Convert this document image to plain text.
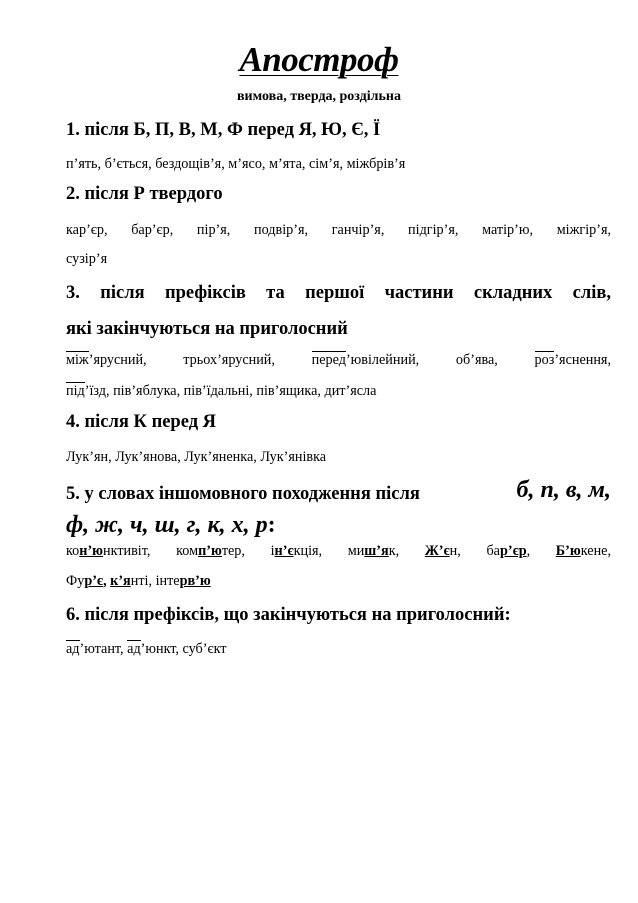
Апостроф
вимова, тверда, роздільна
1. після Б, П, В, М, Ф перед Я, Ю, Є, Ї
п’ять, б’ється, бездощів’я, м’ясо, м’ята, сім’я, міжбрів’я
2. після Р твердого
кар’єр, бар’єр, пір’я, подвір’я, ганчір’я, підгір’я, матір’ю, міжгір’я,
сузір’я
3. після префіксів та першої частини складних слів,
які закінчуються на приголосний
між’ярусний,	трьох’ярусний,	перед’ювілейний,	об’ява,	роз’яснення,
під’їзд, пів’яблука, пів’їдальні, пів’ящика, дит’ясла
4. після К перед Я
Лук’ян, Лук’янова, Лук’яненка, Лук’янівка
5. у словах іншомовного походження після	б, п, в, м,
ф, ж, ч, ш, г, к, х, р:
кон’юнктивіт, комп’ютер, ін’єкція, миш’як, Ж’єн, бар’єр, Б’юкене,
Фур’є, к’янті, інтерв’ю
6. після префіксів, що закінчуються на приголосний:
ад’ютант, ад’юнкт, суб’єкт
